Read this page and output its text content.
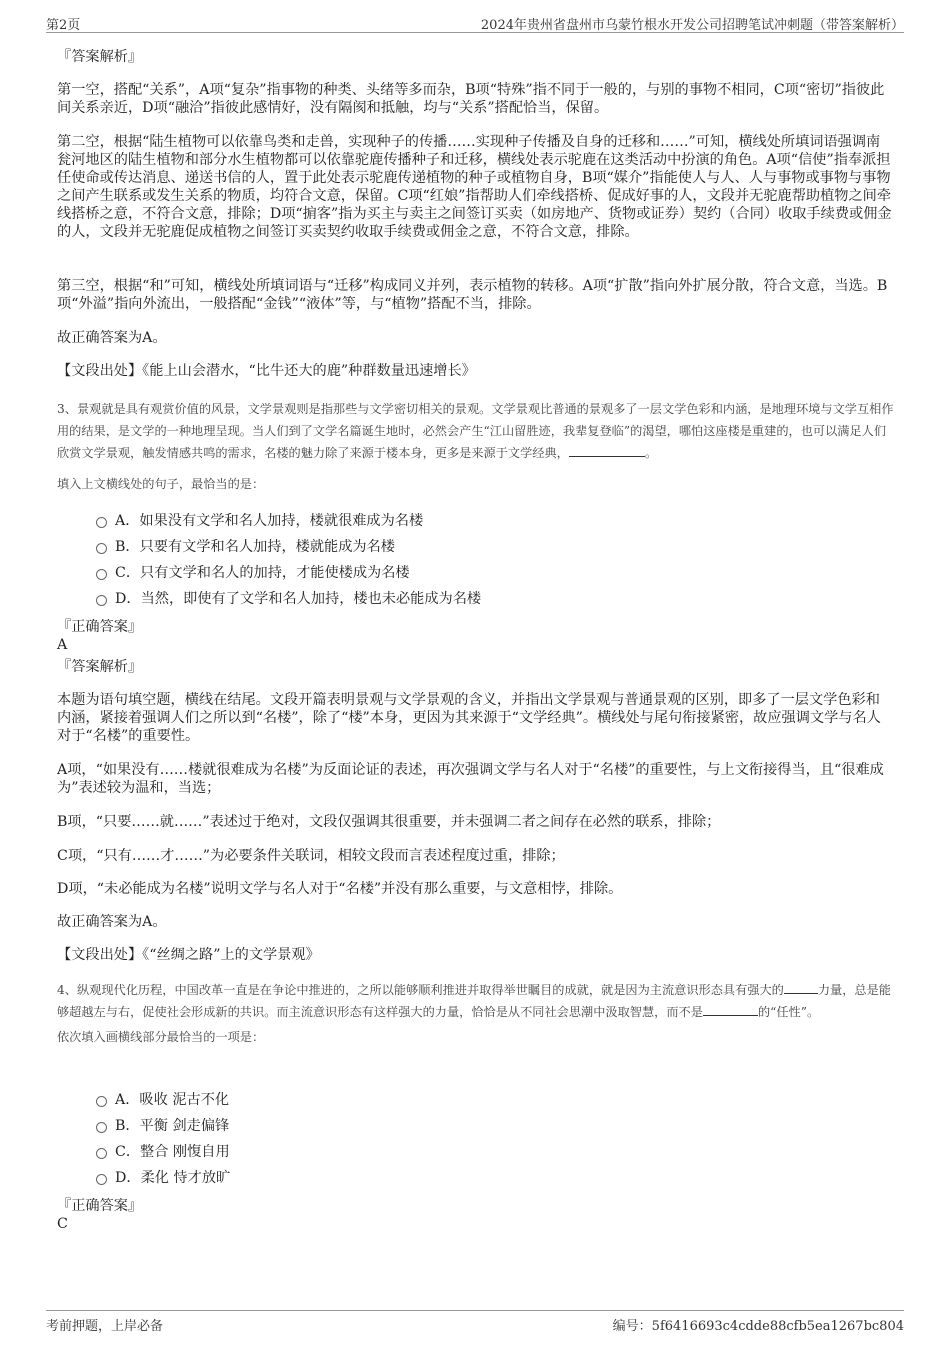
第2页	2024年贵州省盘州市乌蒙竹根水开发公司招聘笔试冲刺题（带答案解析）
『答案解析』
第一空，搭配“关系”，A项“复杂”指事物的种类、头绪等多而杂，B项“特殊”指不同于一般的，与别的事物不相同，C项“密切”指彼此间关系亲近，D项“融洽”指彼此感情好，没有隔阂和抵触，均与“关系”搭配恰当，保留。
第二空，根据“陆生植物可以依靠鸟类和走兽，实现种子的传播……实现种子传播及自身的迁移和……”可知，横线处所填词语强调南瓮河地区的陆生植物和部分水生植物都可以依靠驼鹿传播种子和迁移，横线处表示驼鹿在这类活动中扮演的角色。A项“信使”指奉派担任使命或传达消息、递送书信的人，置于此处表示驼鹿传递植物的种子或植物自身，B项“媒介”指能使人与人、人与事物或事物与事物之间产生联系或发生关系的物质，均符合文意，保留。C项“红娘”指帮助人们牵线搭桥、促成好事的人，文段并无驼鹿帮助植物之间牵线搭桥之意，不符合文意，排除；D项“掮客”指为买主与卖主之间签订买卖（如房地产、货物或证券）契约（合同）收取手续费或佣金的人，文段并无驼鹿促成植物之间签订买卖契约收取手续费或佣金之意，不符合文意，排除。
第三空，根据“和”可知，横线处所填词语与“迁移”构成同义并列，表示植物的转移。A项“扩散”指向外扩展分散，符合文意，当选。B项“外溢”指向外流出，一般搭配“金钱”“液体”等，与“植物”搭配不当，排除。
故正确答案为A。
【文段出处】《能上山会潜水，“比牛还大的鹿”种群数量迅速增长》
3、景观就是具有观赏价值的风景，文学景观则是指那些与文学密切相关的景观。文学景观比普通的景观多了一层文学色彩和内涵，是地理环境与文学互相作用的结果，是文学的一种地理呈现。当人们到了文学名篇诞生地时，必然会产生“江山留胜迹，我辈复登临”的渴望，哪怕这座楼是重建的，也可以满足人们欣赏文学景观，触发情感共鸣的需求，名楼的魅力除了来源于楼本身，更多是来源于文学经典，	。
填入上文横线处的句子，最恰当的是：
A．如果没有文学和名人加持，楼就很难成为名楼
B．只要有文学和名人加持，楼就能成为名楼
C．只有文学和名人的加持，才能使楼成为名楼
D．当然，即使有了文学和名人加持，楼也未必能成为名楼
『正确答案』
A
『答案解析』
本题为语句填空题，横线在结尾。文段开篇表明景观与文学景观的含义，并指出文学景观与普通景观的区别，即多了一层文学色彩和内涵，紧接着强调人们之所以到“名楼”，除了“楼”本身，更因为其来源于“文学经典”。横线处与尾句衔接紧密，故应强调文学与名人对于“名楼”的重要性。
A项，“如果没有……楼就很难成为名楼”为反面论证的表述，再次强调文学与名人对于“名楼”的重要性，与上文衔接得当，且“很难成为”表述较为温和，当选；
B项，“只要……就……”表述过于绝对，文段仅强调其很重要，并未强调二者之间存在必然的联系，排除；
C项，“只有……才……”为必要条件关联词，相较文段而言表述程度过重，排除；
D项，“未必能成为名楼”说明文学与名人对于“名楼”并没有那么重要，与文意相悖，排除。
故正确答案为A。
【文段出处】《“丝绸之路”上的文学景观》
4、纵观现代化历程，中国改革一直是在争论中推进的，之所以能够顺利推进并取得举世瞩目的成就，就是因为主流意识形态具有强大的	力量，总是能够超越左与右，促使社会形成新的共识。而主流意识形态有这样强大的力量，恰恰是从不同社会思潮中汲取智慧，而不是	的“任性”。
依次填入画横线部分最恰当的一项是：
A．吸收 泥古不化
B．平衡 剑走偏锋
C．整合 刚愎自用
D．柔化 恃才放旷
『正确答案』
C
考前押题，上岸必备	编号：5f6416693c4cdde88cfb5ea1267bc804
